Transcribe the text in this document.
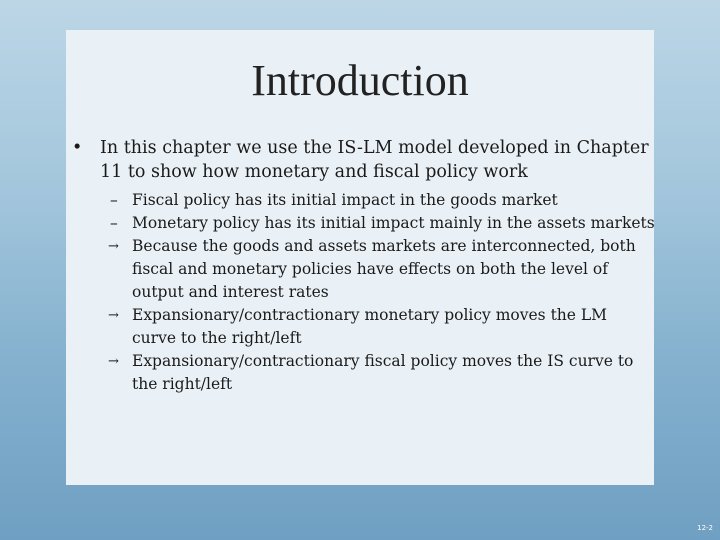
Introduction

• In this chapter we use the IS-LM model developed in Chapter 11 to show how monetary and fiscal policy work

– Fiscal policy has its initial impact in the goods market

– Monetary policy has its initial impact mainly in the assets markets

→ Because the goods and assets markets are interconnected, both fiscal and monetary policies have effects on both the level of output and interest rates

→ Expansionary/contractionary monetary policy moves the LM curve to the right/left

→ Expansionary/contractionary fiscal policy moves the IS curve to the right/left

12-2
